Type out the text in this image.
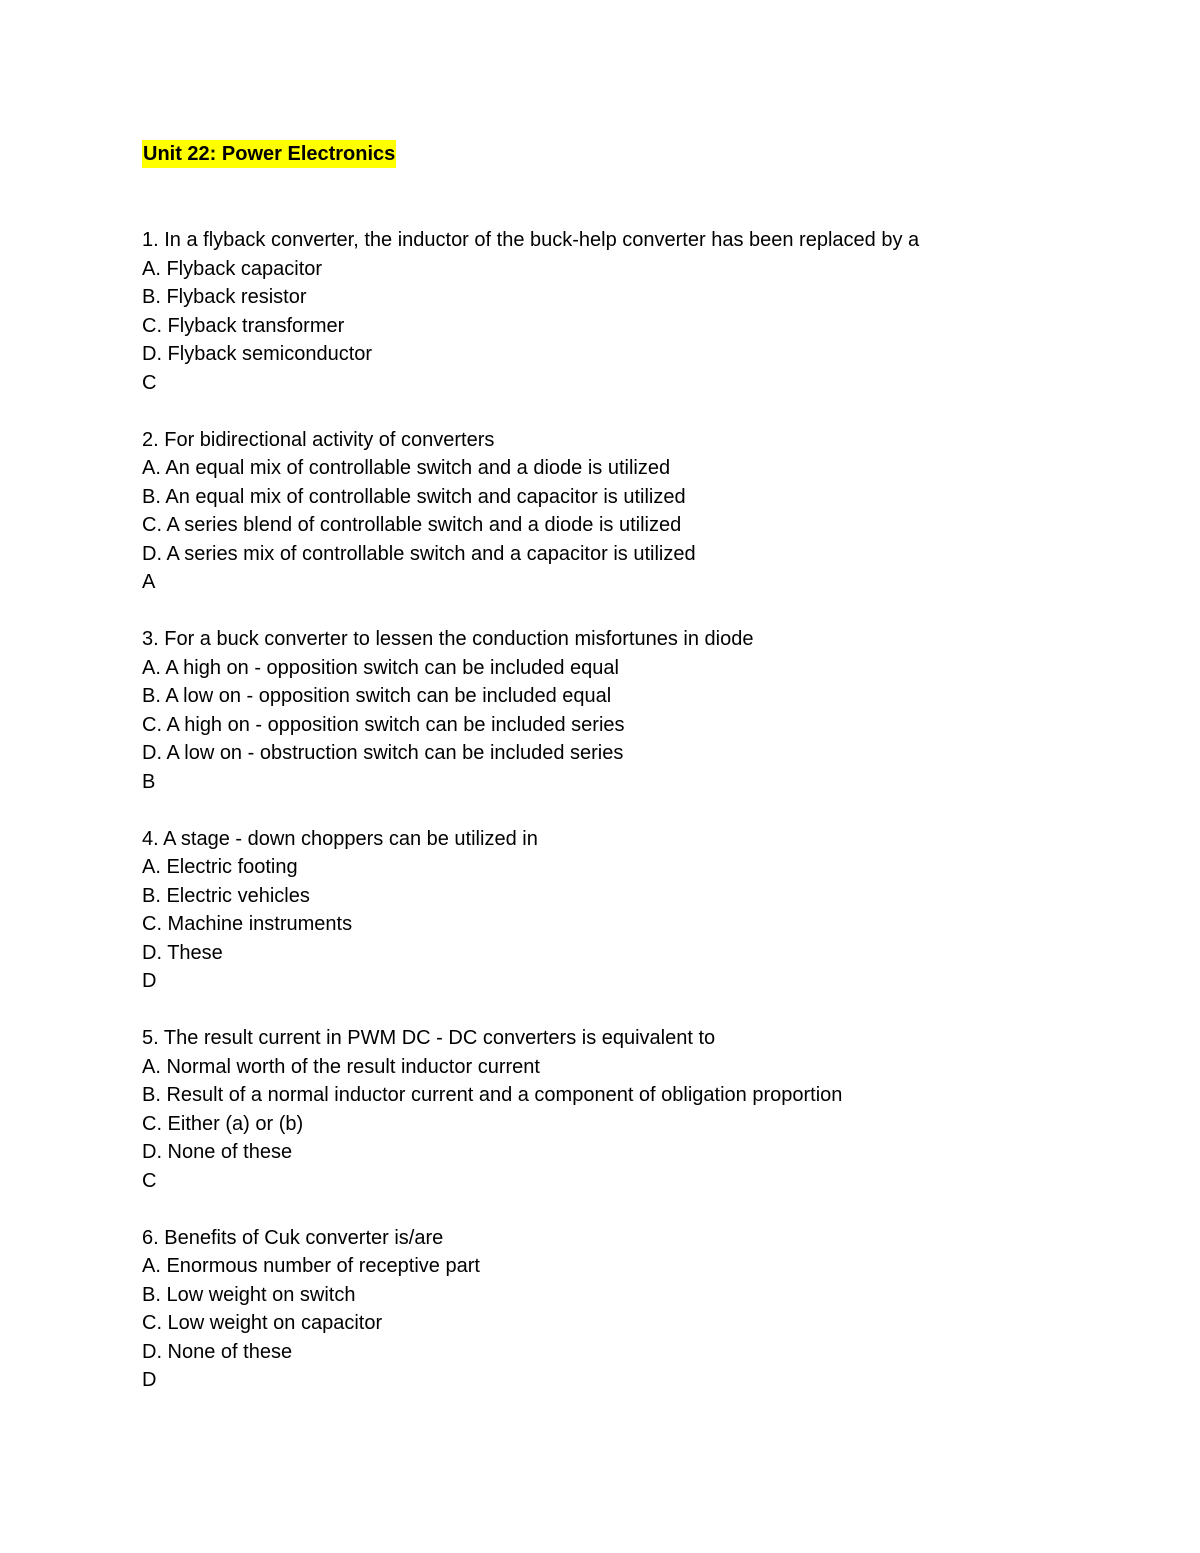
Unit 22: Power Electronics
1. In a flyback converter, the inductor of the buck-help converter has been replaced by a
A. Flyback capacitor
B. Flyback resistor
C. Flyback transformer
D. Flyback semiconductor
C
2. For bidirectional activity of converters
A. An equal mix of controllable switch and a diode is utilized
B. An equal mix of controllable switch and capacitor is utilized
C. A series blend of controllable switch and a diode is utilized
D. A series mix of controllable switch and a capacitor is utilized
A
3. For a buck converter to lessen the conduction misfortunes in diode
A. A high on - opposition switch can be included equal
B. A low on - opposition switch can be included equal
C. A high on - opposition switch can be included series
D. A low on - obstruction switch can be included series
B
4. A stage - down choppers can be utilized in
A. Electric footing
B. Electric vehicles
C. Machine instruments
D. These
D
5. The result current in PWM DC - DC converters is equivalent to
A. Normal worth of the result inductor current
B. Result of a normal inductor current and a component of obligation proportion
C. Either (a) or (b)
D. None of these
C
6. Benefits of Cuk converter is/are
A. Enormous number of receptive part
B. Low weight on switch
C. Low weight on capacitor
D. None of these
D
